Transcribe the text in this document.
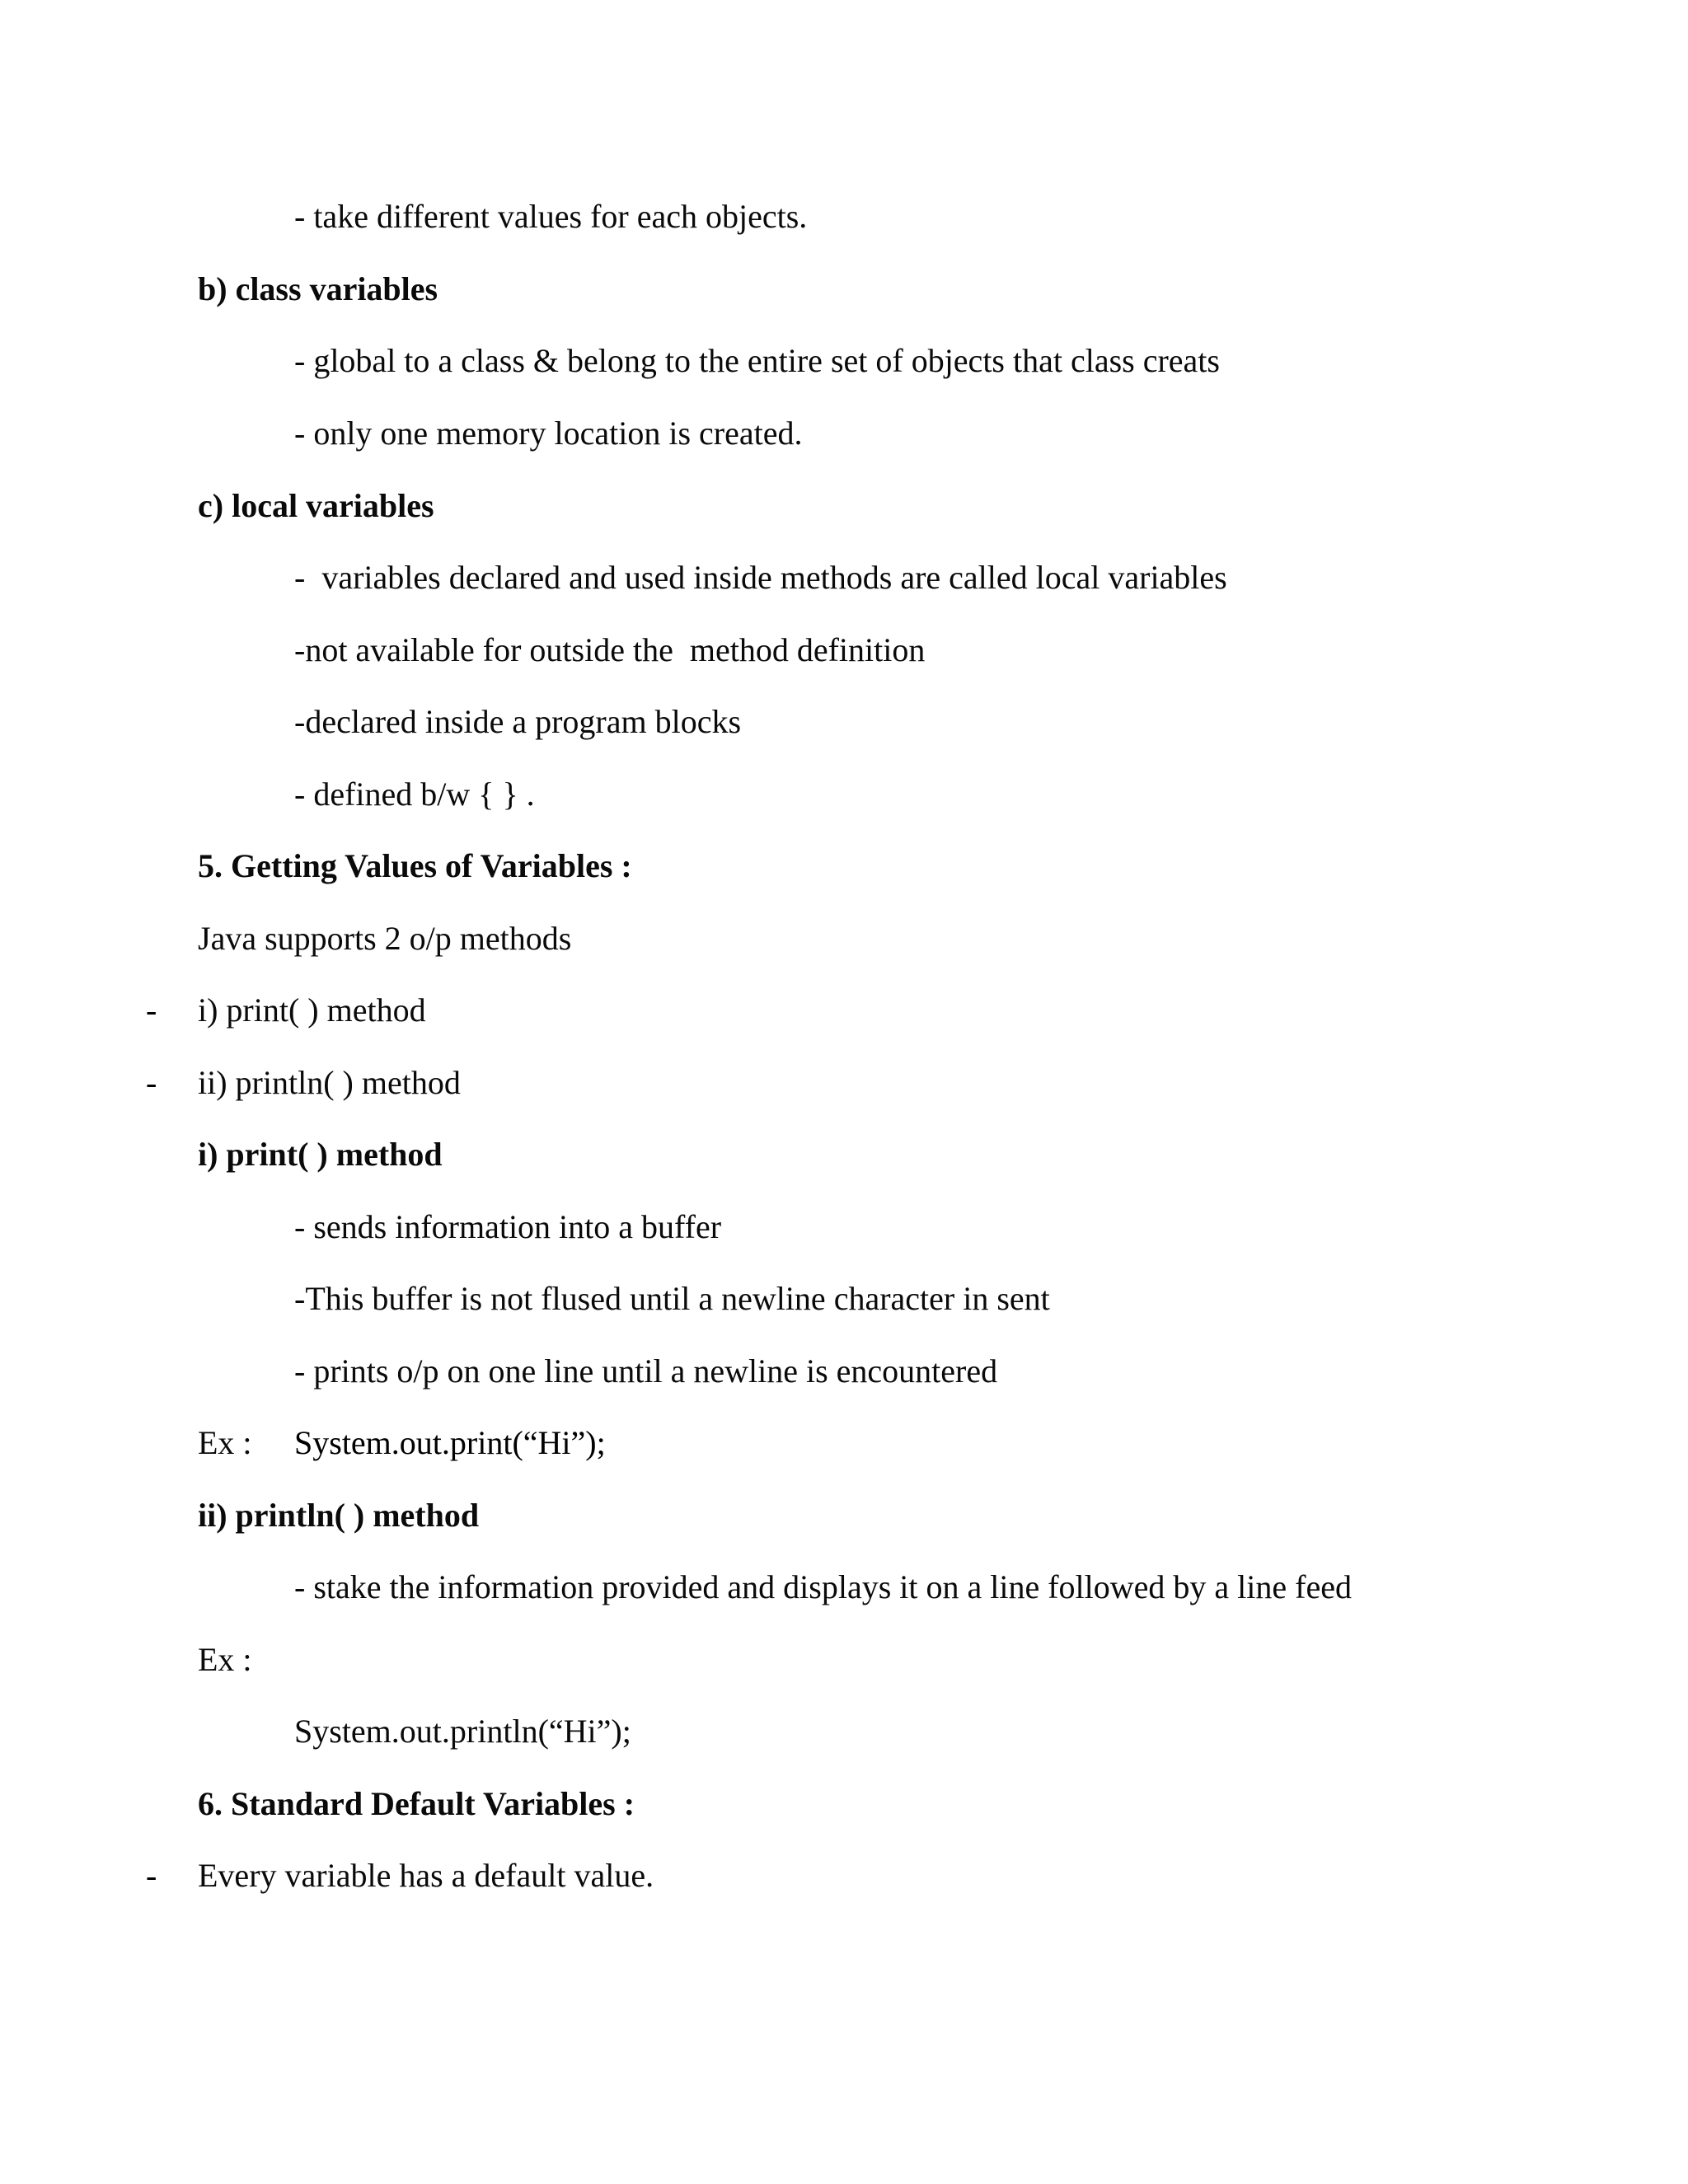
- take different values for each objects.
b) class variables
- global to a class & belong to the entire set of objects that class creats
- only one memory location is created.
c) local variables
-  variables declared and used inside methods are called local variables
-not available for outside the  method definition
-declared inside a program blocks
- defined b/w { } .
5. Getting Values of Variables :
Java supports 2 o/p methods
- i) print( ) method
- ii) println( ) method
i) print( ) method
- sends information into a buffer
-This buffer is not flused until a newline character in sent
- prints o/p on one line until a newline is encountered
Ex : System.out.print(“Hi”);
ii) println( ) method
- stake the information provided and displays it on a line followed by a line feed
Ex :
System.out.println(“Hi”);
6. Standard Default Variables :
- Every variable has a default value.
